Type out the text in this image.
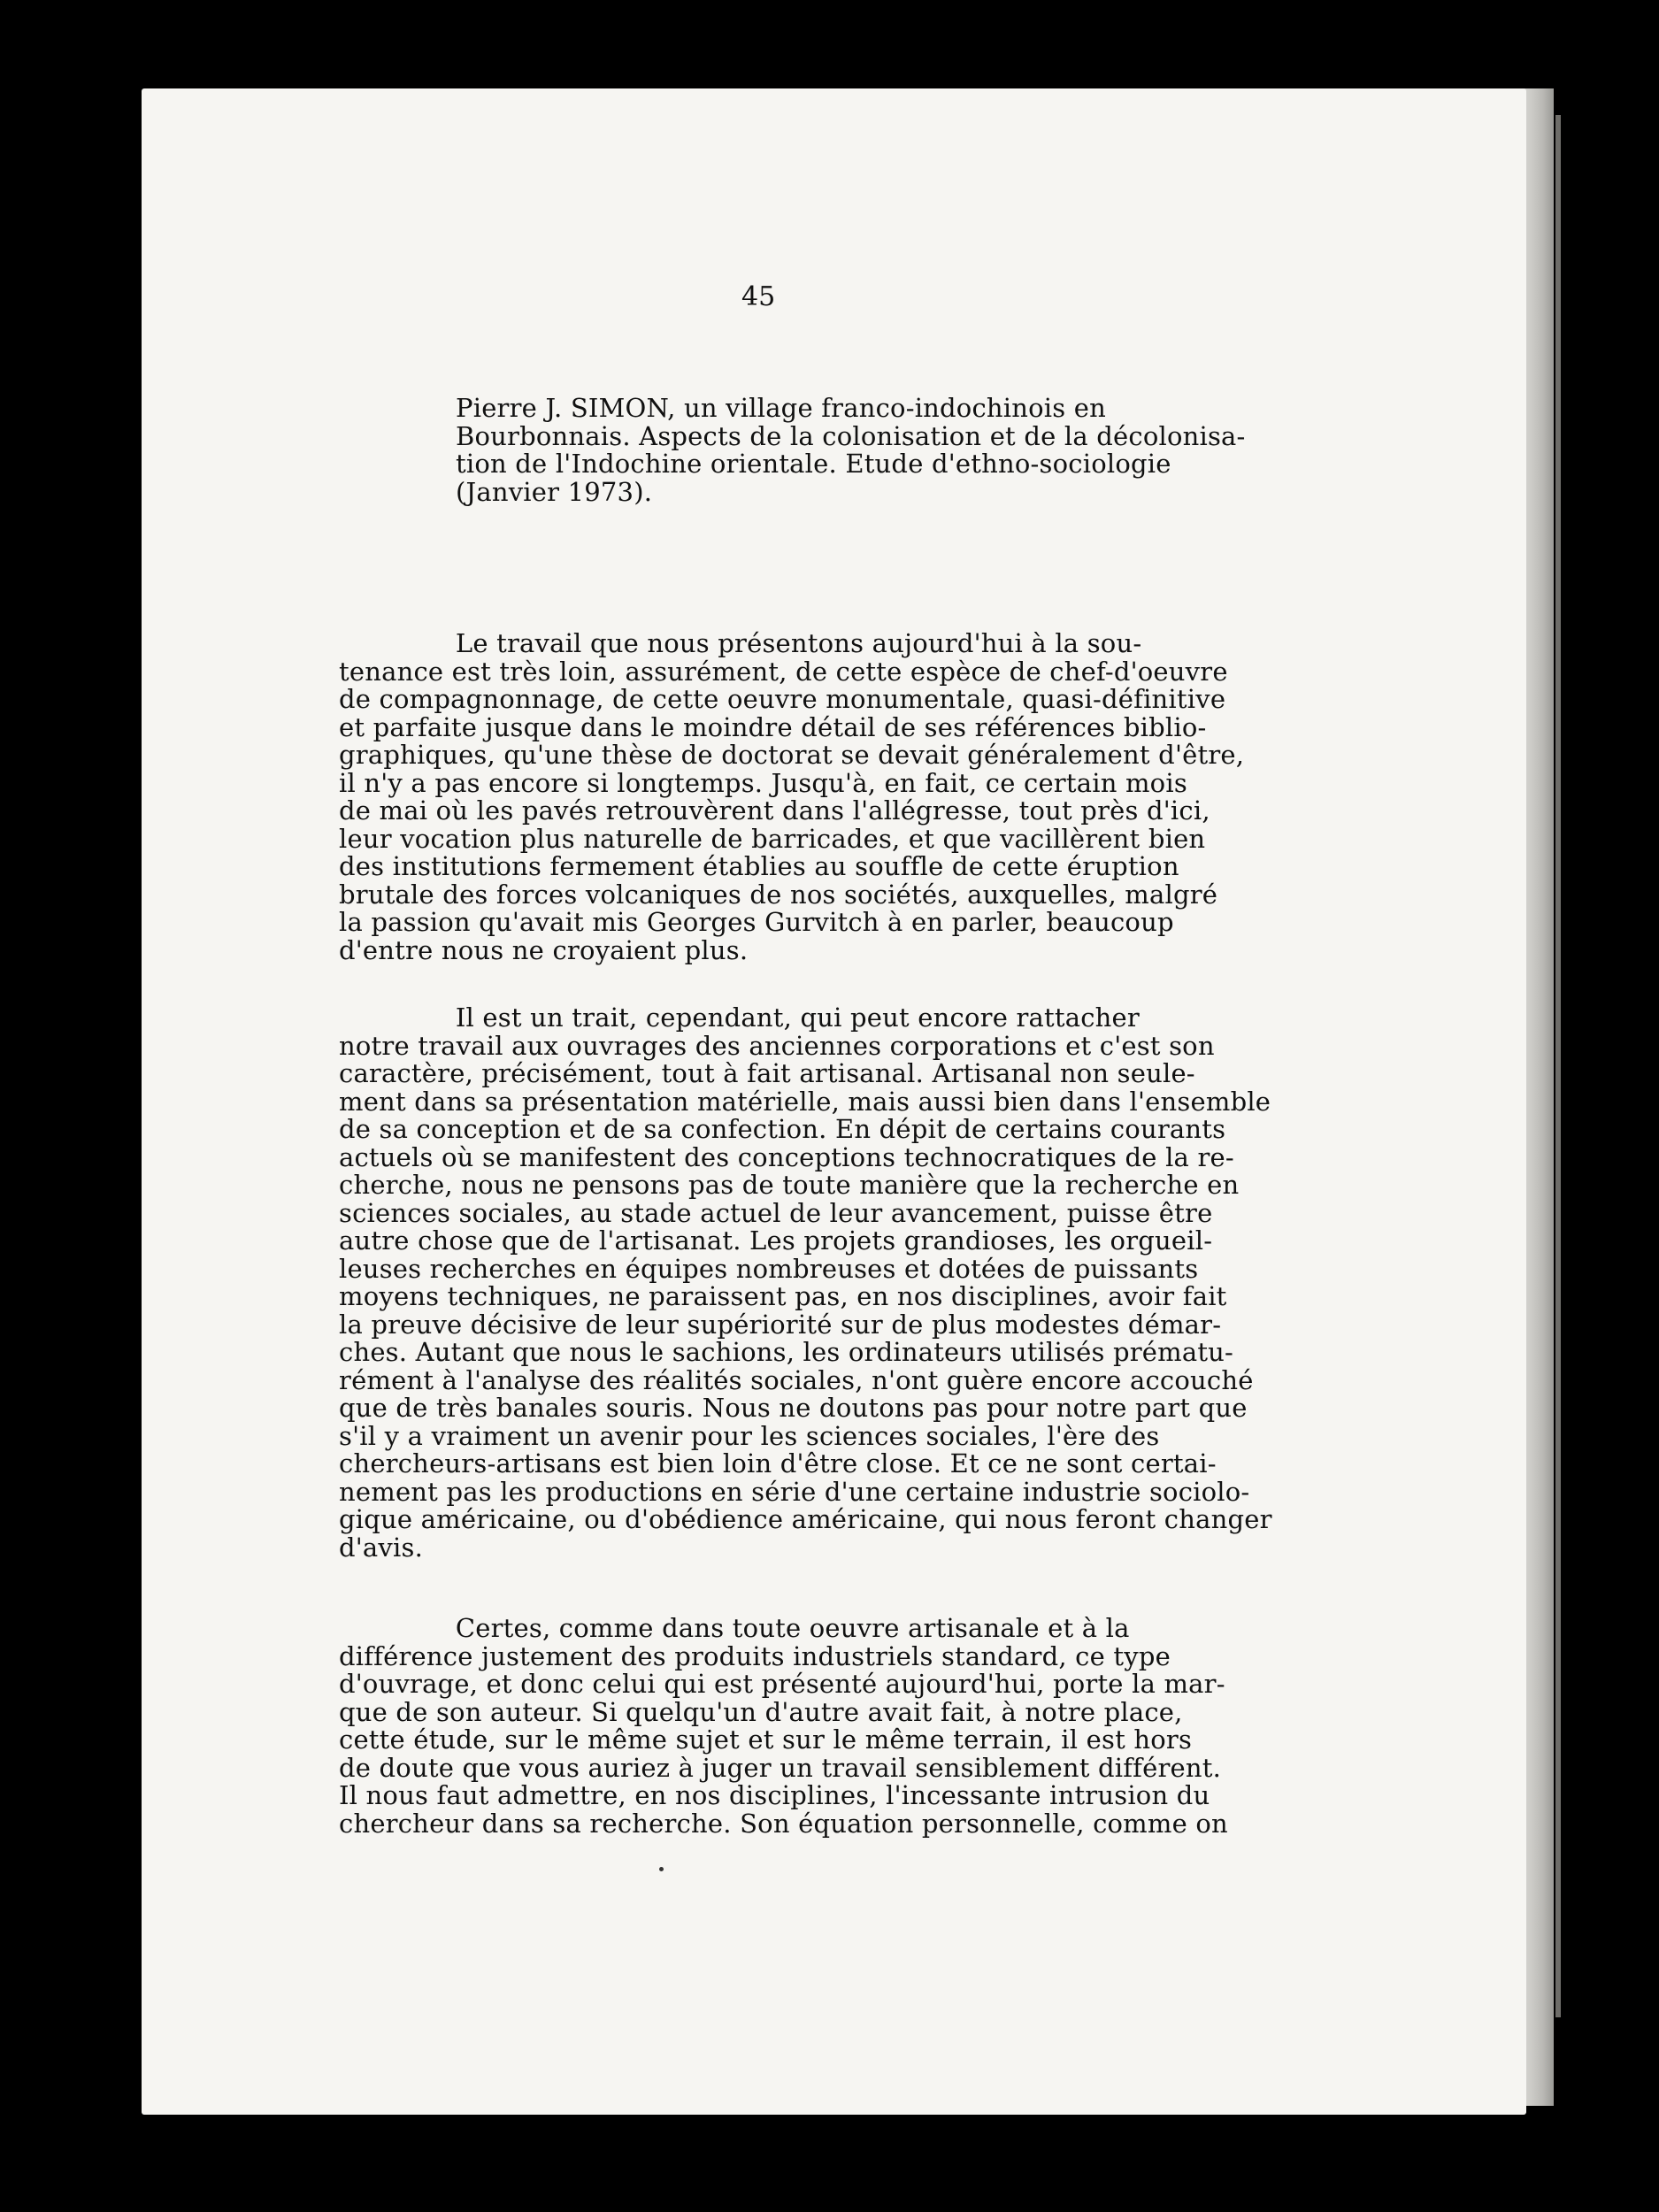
45
Pierre J. SIMON, un village franco-indochinois en
Bourbonnais. Aspects de la colonisation et de la décolonisa-
tion de l'Indochine orientale. Etude d'ethno-sociologie
(Janvier 1973).
Le travail que nous présentons aujourd'hui à la sou-
tenance est très loin, assurément, de cette espèce de chef-d'oeuvre
de compagnonnage, de cette oeuvre monumentale, quasi-définitive
et parfaite jusque dans le moindre détail de ses références biblio-
graphiques, qu'une thèse de doctorat se devait généralement d'être,
il n'y a pas encore si longtemps. Jusqu'à, en fait, ce certain mois
de mai où les pavés retrouvèrent dans l'allégresse, tout près d'ici,
leur vocation plus naturelle de barricades, et que vacillèrent bien
des institutions fermement établies au souffle de cette éruption
brutale des forces volcaniques de nos sociétés, auxquelles, malgré
la passion qu'avait mis Georges Gurvitch à en parler, beaucoup
d'entre nous ne croyaient plus.
Il est un trait, cependant, qui peut encore rattacher
notre travail aux ouvrages des anciennes corporations et c'est son
caractère, précisément, tout à fait artisanal. Artisanal non seule-
ment dans sa présentation matérielle, mais aussi bien dans l'ensemble
de sa conception et de sa confection. En dépit de certains courants
actuels où se manifestent des conceptions technocratiques de la re-
cherche, nous ne pensons pas de toute manière que la recherche en
sciences sociales, au stade actuel de leur avancement, puisse être
autre chose que de l'artisanat. Les projets grandioses, les orgueil-
leuses recherches en équipes nombreuses et dotées de puissants
moyens techniques, ne paraissent pas, en nos disciplines, avoir fait
la preuve décisive de leur supériorité sur de plus modestes démar-
ches. Autant que nous le sachions, les ordinateurs utilisés prématu-
rément à l'analyse des réalités sociales, n'ont guère encore accouché
que de très banales souris. Nous ne doutons pas pour notre part que
s'il y a vraiment un avenir pour les sciences sociales, l'ère des
chercheurs-artisans est bien loin d'être close. Et ce ne sont certai-
nement pas les productions en série d'une certaine industrie sociolo-
gique américaine, ou d'obédience américaine, qui nous feront changer
d'avis.
Certes, comme dans toute oeuvre artisanale et à la
différence justement des produits industriels standard, ce type
d'ouvrage, et donc celui qui est présenté aujourd'hui, porte la mar-
que de son auteur. Si quelqu'un d'autre avait fait, à notre place,
cette étude, sur le même sujet et sur le même terrain, il est hors
de doute que vous auriez à juger un travail sensiblement différent.
Il nous faut admettre, en nos disciplines, l'incessante intrusion du
chercheur dans sa recherche. Son équation personnelle, comme on
